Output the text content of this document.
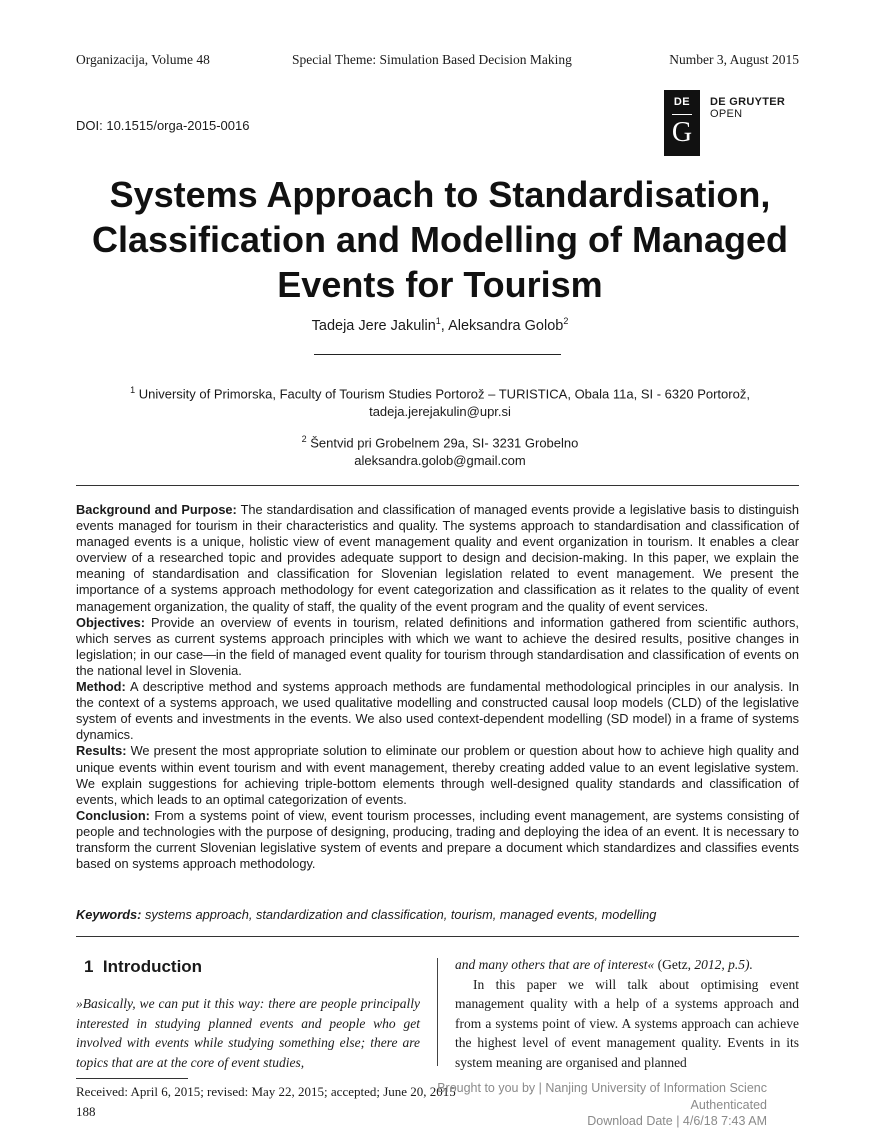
Organizacija, Volume 48	Special Theme: Simulation Based Decision Making	Number 3, August 2015
DOI: 10.1515/orga-2015-0016
DE
G
DE GRUYTER
OPEN
Systems Approach to Standardisation, Classification and Modelling of Managed Events for Tourism
Tadeja Jere Jakulin$^1$, Aleksandra Golob$^2$
$^1$ University of Primorska, Faculty of Tourism Studies Portorož – TURISTICA, Obala 11a, SI - 6320 Portorož,
tadeja.jerejakulin@upr.si
$^2$ Šentvid pri Grobelnem 29a, SI- 3231 Grobelno
aleksandra.golob@gmail.com

Background and Purpose: The standardisation and classification of managed events provide a legislative basis to distinguish events managed for tourism in their characteristics and quality. The systems approach to standardisation and classification of managed events is a unique, holistic view of event management quality and event organization in tourism. It enables a clear overview of a researched topic and provides adequate support to design and decision-making. In this paper, we explain the meaning of standardisation and classification for Slovenian legislation related to event management. We present the importance of a systems approach methodology for event categorization and classification as it relates to the quality of event management organization, the quality of staff, the quality of the event program and the quality of event services.

Objectives: Provide an overview of events in tourism, related definitions and information gathered from scientific authors, which serves as current systems approach principles with which we want to achieve the desired results, positive changes in legislation; in our case—in the field of managed event quality for tourism through standardisation and classification of events on the national level in Slovenia.

Method: A descriptive method and systems approach methods are fundamental methodological principles in our analysis. In the context of a systems approach, we used qualitative modelling and constructed causal loop models (CLD) of the legislative system of events and investments in the events. We also used context-dependent modelling (SD model) in a frame of systems dynamics.

Results: We present the most appropriate solution to eliminate our problem or question about how to achieve high quality and unique events within event tourism and with event management, thereby creating added value to an event legislative system. We explain suggestions for achieving triple-bottom elements through well-designed quality standards and classification of events, which leads to an optimal categorization of events.

Conclusion: From a systems point of view, event tourism processes, including event management, are systems consisting of people and technologies with the purpose of designing, producing, trading and deploying the idea of an event. It is necessary to transform the current Slovenian legislative system of events and prepare a document which standardizes and classifies events based on systems approach methodology.

Keywords: systems approach, standardization and classification, tourism, managed events, modelling
1 Introduction
»Basically, we can put it this way: there are people principally interested in studying planned events and people who get involved with events while studying something else; there are topics that are at the core of event studies,

and many others that are of interest« (Getz, 2012, p.5).

In this paper we will talk about optimising event management quality with a help of a systems approach and from a systems point of view. A systems approach can achieve the highest level of event management quality. Events in its system meaning are organised and planned

Received: April 6, 2015; revised: May 22, 2015; accepted; June 20, 2015
188
Brought to you by | Nanjing University of Information Scienc
Authenticated
Download Date | 4/6/18 7:43 AM
